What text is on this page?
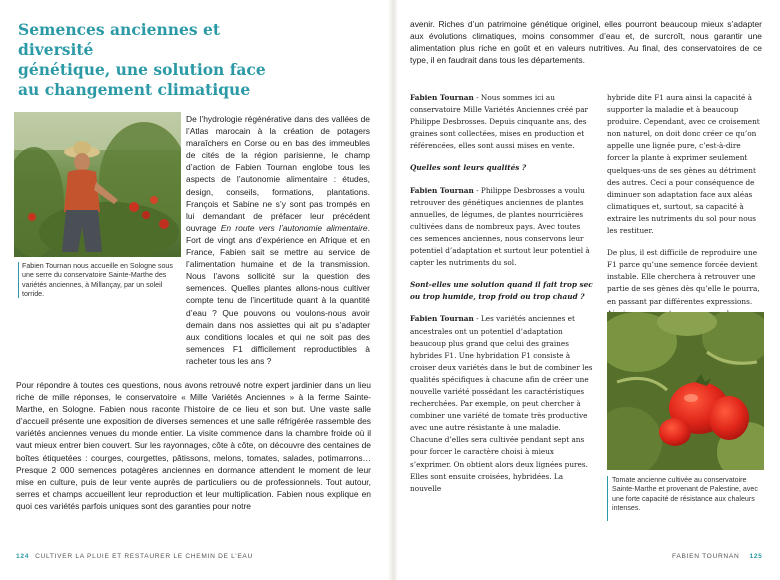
Semences anciennes et diversité
génétique, une solution face
au changement climatique
Fabien Tournan nous accueille en Sologne sous une serre du conservatoire Sainte-Marthe des variétés anciennes, à Millançay, par un soleil torride.

De l’hydrologie régénérative dans des vallées de l’Atlas marocain à la création de potagers maraîchers en Corse ou en bas des immeubles de cités de la région parisienne, le champ d’action de Fabien Tournan englobe tous les aspects de l’autonomie alimentaire : études, design, conseils, formations, plantations. François et Sabine ne s’y sont pas trompés en lui demandant de préfacer leur précédent ouvrage En route vers l’autonomie alimentaire. Fort de vingt ans d’expérience en Afrique et en France, Fabien sait se mettre au service de l’alimentation humaine et de la transmission. Nous l’avons sollicité sur la question des semences. Quelles plantes allons-nous cultiver compte tenu de l’incertitude quant à la quantité d’eau ? Que pouvons ou voulons-nous avoir demain dans nos assiettes qui ait pu s’adapter aux conditions locales et qui ne soit pas des semences F1 difficilement reproductibles à racheter tous les ans ?

Pour répondre à toutes ces questions, nous avons retrouvé notre expert jardinier dans un lieu riche de mille réponses, le conservatoire « Mille Variétés Anciennes » à la ferme Sainte-Marthe, en Sologne. Fabien nous raconte l’histoire de ce lieu et son but. Une vaste salle d’accueil présente une exposition de diverses semences et une salle réfrigérée rassemble des variétés anciennes venues du monde entier. La visite commence dans la chambre froide où il vaut mieux entrer bien couvert. Sur les rayonnages, côte à côte, on découvre des centaines de boîtes étiquetées : courges, courgettes, pâtissons, melons, tomates, salades, potimarrons… Presque 2 000 semences potagères anciennes en dormance attendent le moment de leur mise en culture, puis de leur vente auprès de particuliers ou de professionnels. Tout autour, serres et champs accueillent leur reproduction et leur multiplication. Fabien nous explique en quoi ces variétés parfois uniques sont des garanties pour notre

124 CULTIVER LA PLUIE ET RESTAURER LE CHEMIN DE L’EAU

avenir. Riches d’un patrimoine génétique originel, elles pourront beaucoup mieux s’adapter aux évolutions climatiques, moins consommer d’eau et, de surcroît, nous garantir une alimentation plus riche en goût et en valeurs nutritives. Au final, des conservatoires de ce type, il en faudrait dans tous les départements.

Fabien Tournan - Nous sommes ici au conservatoire Mille Variétés Anciennes créé par Philippe Desbrosses. Depuis cinquante ans, des graines sont collectées, mises en production et référencées, elles sont aussi mises en vente.

Quelles sont leurs qualités ?

Fabien Tournan - Philippe Desbrosses a voulu retrouver des génétiques anciennes de plantes annuelles, de légumes, de plantes nourricières cultivées dans de nombreux pays. Avec toutes ces semences anciennes, nous conservons leur potentiel d’adaptation et surtout leur potentiel à capter les nutriments du sol.

Sont-elles une solution quand il fait trop sec ou trop humide, trop froid ou trop chaud ?

Fabien Tournan - Les variétés anciennes et ancestrales ont un potentiel d’adaptation beaucoup plus grand que celui des graines hybrides F1. Une hybridation F1 consiste à croiser deux variétés dans le but de combiner les qualités spécifiques à chacune afin de créer une nouvelle variété possédant les caractéristiques recherchées. Par exemple, on peut chercher à combiner une variété de tomate très productive avec une autre résistante à une maladie. Chacune d’elles sera cultivée pendant sept ans pour forcer le caractère choisi à mieux s’exprimer. On obtient alors deux lignées pures. Elles sont ensuite croisées, hybridées. La nouvelle

hybride dite F1 aura ainsi la capacité à supporter la maladie et à beaucoup produire. Cependant, avec ce croisement non naturel, on doit donc créer ce qu’on appelle une lignée pure, c’est-à-dire forcer la plante à exprimer seulement quelques-uns de ses gènes au détriment des autres. Ceci a pour conséquence de diminuer son adaptation face aux aléas climatiques et, surtout, sa capacité à extraire les nutriments du sol pour nous les restituer.

De plus, il est difficile de reproduire une F1 parce qu’une semence forcée devient instable. Elle cherchera à retrouver une partie de ses gènes dès qu’elle le pourra, en passant par différentes expressions.

Tomate ancienne cultivée au conservatoire Sainte-Marthe et provenant de Palestine, avec une forte capacité de résistance aux chaleurs intenses.
FABIEN TOURNAN 125
